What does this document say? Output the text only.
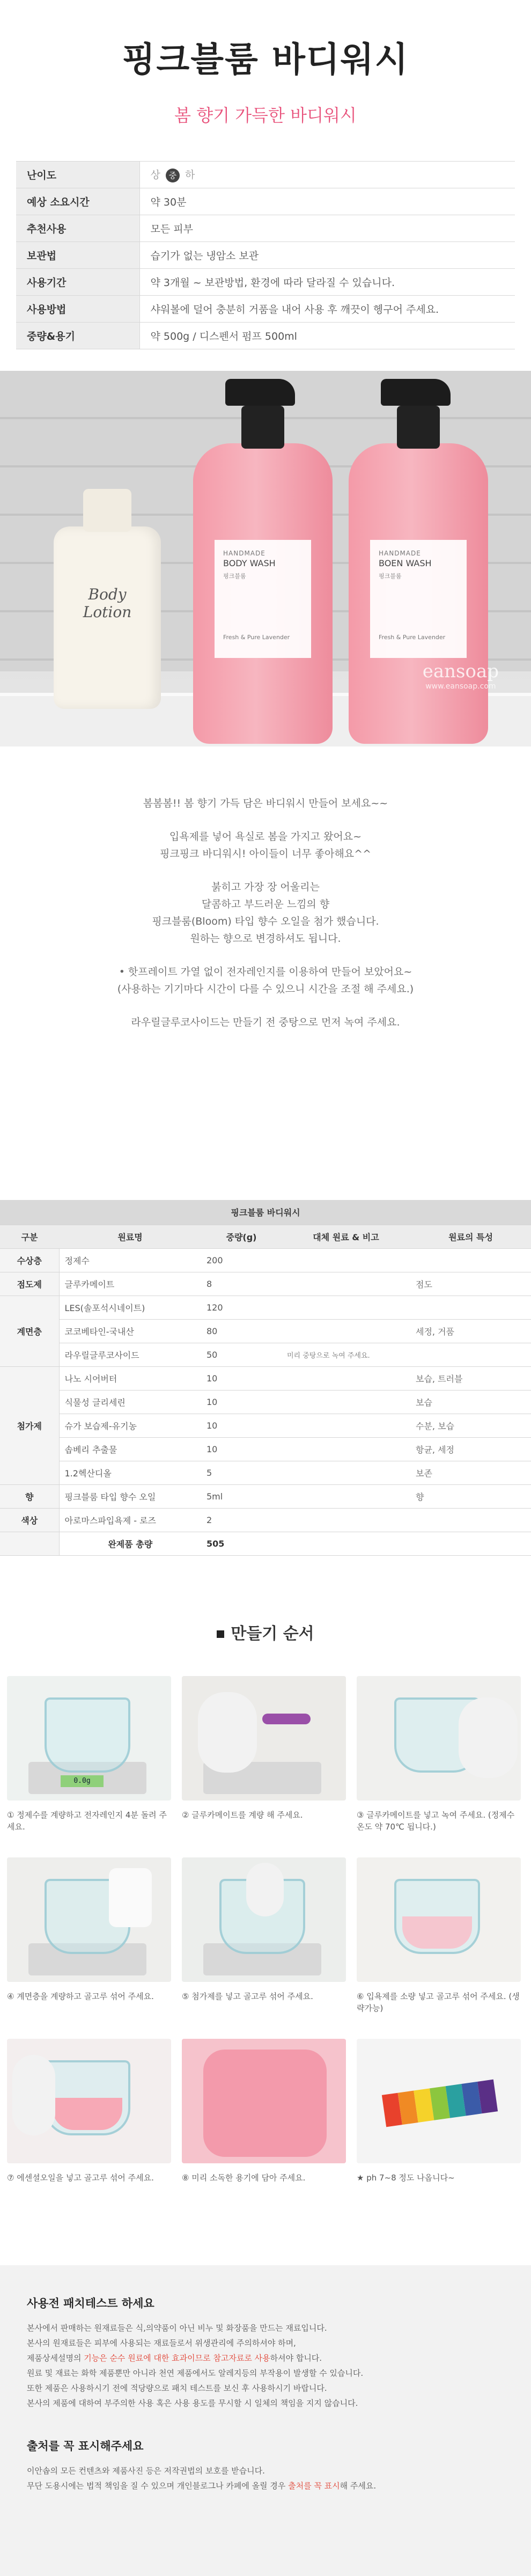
핑크블룸 바디워시
봄 향기 가득한 바디워시
난이도	상 중 하
예상 소요시간	약 30분
추천사용	모든 피부
보관법	습기가 없는 냉암소 보관
사용기간	약 3개월 ~ 보관방법, 환경에 따라 달라질 수 있습니다.
사용방법	샤워볼에 덜어 충분히 거품을 내어 사용 후 깨끗이 헹구어 주세요.
중량&용기	약 500g / 디스펜서 펌프 500ml
Body Lotion
HANDMADE
BODY WASH
핑크블룸
Fresh & Pure Lavender
HANDMADE
BOEN WASH
핑크블룸
Fresh & Pure Lavender
eansoap
www.eansoap.com

봄봄봄!! 봄 향기 가득 담은 바디워시 만들어 보세요~~

입욕제를 넣어 욕실로 봄을 가지고 왔어요~
핑크핑크 바디워시! 아이들이 너무 좋아해요^^

붉히고 가장 장 어울리는
달콤하고 부드러운 느낌의 향
핑크블룸(Bloom) 타입 향수 오일을 첨가 했습니다.
원하는 향으로 변경하셔도 됩니다.

• 핫프레이트 가열 없이 전자레인지를 이용하여 만들어 보았어요~
(사용하는 기기마다 시간이 다를 수 있으니 시간을 조절 해 주세요.)

라우릴글루코사이드는 만들기 전 중탕으로 먼저 녹여 주세요.

핑크블룸 바디워시				
구분	원료명	중량(g)	대체 원료 & 비고	원료의 특성
수상층	정제수	200		
점도제	글루카메이트	8		점도
계면층	LES(솔포석시네이트)	120		
	코코베타인-국내산	80		세정, 거품
	라우릴글루코사이드	50	미리 중탕으로 녹여 주세요.	
첨가제	나노 시어버터	10		보습, 트러블
	식물성 글리세린	10		보습
	슈가 보습제-유기농	10		수분, 보습
	솝베리 추출물	10		항균, 세정
	1.2헥산디올	5		보존
향	핑크블룸 타입 향수 오일	5ml		향
색상	아로마스파입욕제 - 로즈	2		
	완제품 총량	505		
만들기 순서
0.0g

① 정제수를 계량하고 전자레인지 4분 돌려 주세요.

② 글루카메이트를 계량 해 주세요.	③ 글루카메이트를 넣고 녹여 주세요. (정제수 온도 약 70℃ 됩니다.)

④ 계면층을 계량하고 골고루 섞어 주세요.	⑤ 첨가제를 넣고 골고루 섞어 주세요.	⑥ 입욕제를 소량 넣고 골고루 섞어 주세요. (생략가능)

⑦ 에센셜오일을 넣고 골고루 섞어 주세요.	⑧ 미리 소독한 용기에 담아 주세요.	★ ph 7~8 정도 나옵니다~

사용전 패치테스트 하세요

본사에서 판매하는 원재료들은 식,의약품이 아닌 비누 및 화장품을 만드는 재료입니다.
본사의 원재료들은 피부에 사용되는 재료들로서 위생관리에 주의하셔야 하며,
제품상세설명의 기능은 순수 원료에 대한 효과이므로 참고자료로 사용하셔야 합니다.
원료 및 재료는 화학 제품뿐만 아니라 천연 제품에서도 알레지등의 부작용이 발생할 수 있습니다.
또한 제품은 사용하시기 전에 적당량으로 패치 테스트를 보신 후 사용하시기 바랍니다.
본사의 제품에 대하여 부주의한 사용 혹은 사용 용도를 무시할 시 일체의 책임을 지지 않습니다.

출처를 꼭 표시해주세요

이안솝의 모든 컨텐츠와 제품사진 등은 저작권법의 보호를 받습니다.
무단 도용시에는 법적 책임을 질 수 있으며 개인블로그나 카페에 올릴 경우 출처를 꼭 표시해 주세요.
